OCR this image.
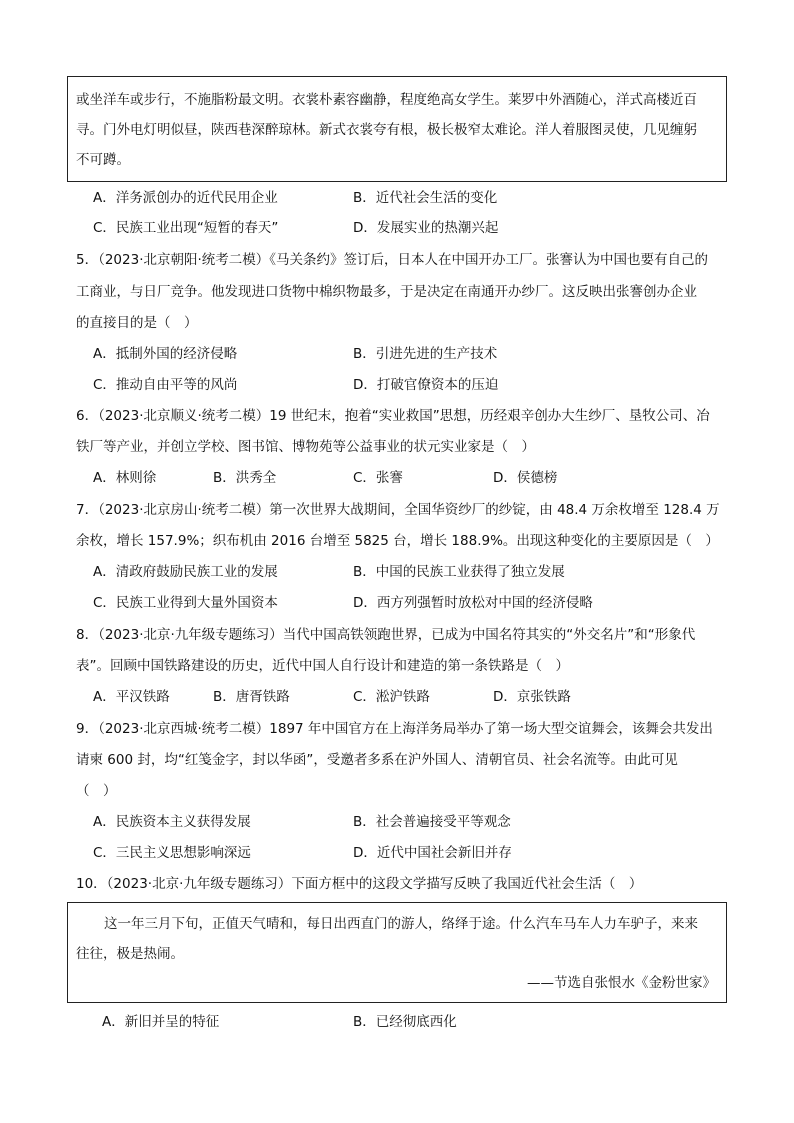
或坐洋车或步行，不施脂粉最文明。衣裳朴素容幽静，程度绝高女学生。莱罗中外酒随心，洋式高楼近百
寻。门外电灯明似昼，陕西巷深醉琼林。新式衣裳夸有根，极长极窄太难论。洋人着服图灵使，几见缠躬
不可蹲。
A．洋务派创办的近代民用企业	B．近代社会生活的变化
C．民族工业出现“短暂的春天”	D．发展实业的热潮兴起
5．（2023·北京朝阳·统考二模）《马关条约》签订后，日本人在中国开办工厂。张謇认为中国也要有自己的
工商业，与日厂竞争。他发现进口货物中棉织物最多，于是决定在南通开办纱厂。这反映出张謇创办企业
的直接目的是（　）
A．抵制外国的经济侵略	B．引进先进的生产技术
C．推动自由平等的风尚	D．打破官僚资本的压迫
6．（2023·北京顺义·统考二模）19 世纪末，抱着“实业救国”思想，历经艰辛创办大生纱厂、垦牧公司、冶
铁厂等产业，并创立学校、图书馆、博物苑等公益事业的状元实业家是（　）
A．林则徐	B．洪秀全	C．张謇	D．侯德榜
7．（2023·北京房山·统考二模）第一次世界大战期间，全国华资纱厂的纱锭，由 48.4 万余枚增至 128.4 万
余枚，增长 157.9%；织布机由 2016 台增至 5825 台，增长 188.9%。出现这种变化的主要原因是（　）
A．清政府鼓励民族工业的发展	B．中国的民族工业获得了独立发展
C．民族工业得到大量外国资本	D．西方列强暂时放松对中国的经济侵略
8．（2023·北京·九年级专题练习）当代中国高铁领跑世界，已成为中国名符其实的“外交名片”和“形象代
表”。回顾中国铁路建设的历史，近代中国人自行设计和建造的第一条铁路是（　）
A．平汉铁路	B．唐胥铁路	C．淞沪铁路	D．京张铁路
9．（2023·北京西城·统考二模）1897 年中国官方在上海洋务局举办了第一场大型交谊舞会，该舞会共发出
请柬 600 封，均“红笺金字，封以华函”，受邀者多系在沪外国人、清朝官员、社会名流等。由此可见
（　）
A．民族资本主义获得发展	B．社会普遍接受平等观念
C．三民主义思想影响深远	D．近代中国社会新旧并存
10．（2023·北京·九年级专题练习）下面方框中的这段文学描写反映了我国近代社会生活（　）
这一年三月下旬，正值天气晴和，每日出西直门的游人，络绎于途。什么汽车马车人力车驴子，来来
往往，极是热闹。
——节选自张恨水《金粉世家》
A．新旧并呈的特征	B．已经彻底西化
